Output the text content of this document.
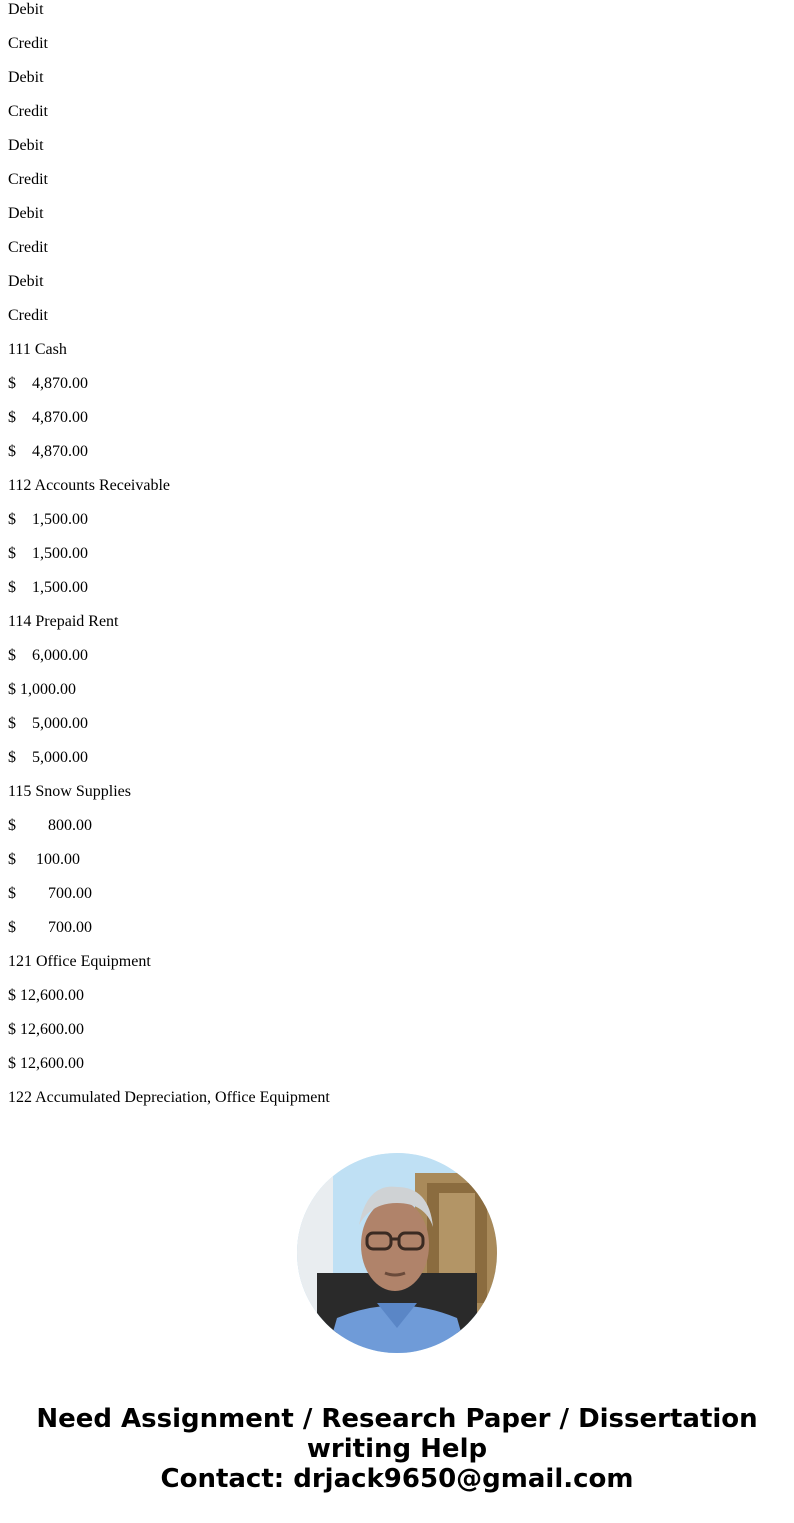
Debit
Credit
Debit
Credit
Debit
Credit
Debit
Credit
Debit
Credit
111 Cash
$    4,870.00
$    4,870.00
$    4,870.00
112 Accounts Receivable
$    1,500.00
$    1,500.00
$    1,500.00
114 Prepaid Rent
$    6,000.00
$ 1,000.00
$    5,000.00
$    5,000.00
115 Snow Supplies
$        800.00
$     100.00
$        700.00
$        700.00
121 Office Equipment
$ 12,600.00
$ 12,600.00
$ 12,600.00
122 Accumulated Depreciation, Office Equipment
Need Assignment / Research Paper / Dissertation
writing Help
Contact: drjack9650@gmail.com
